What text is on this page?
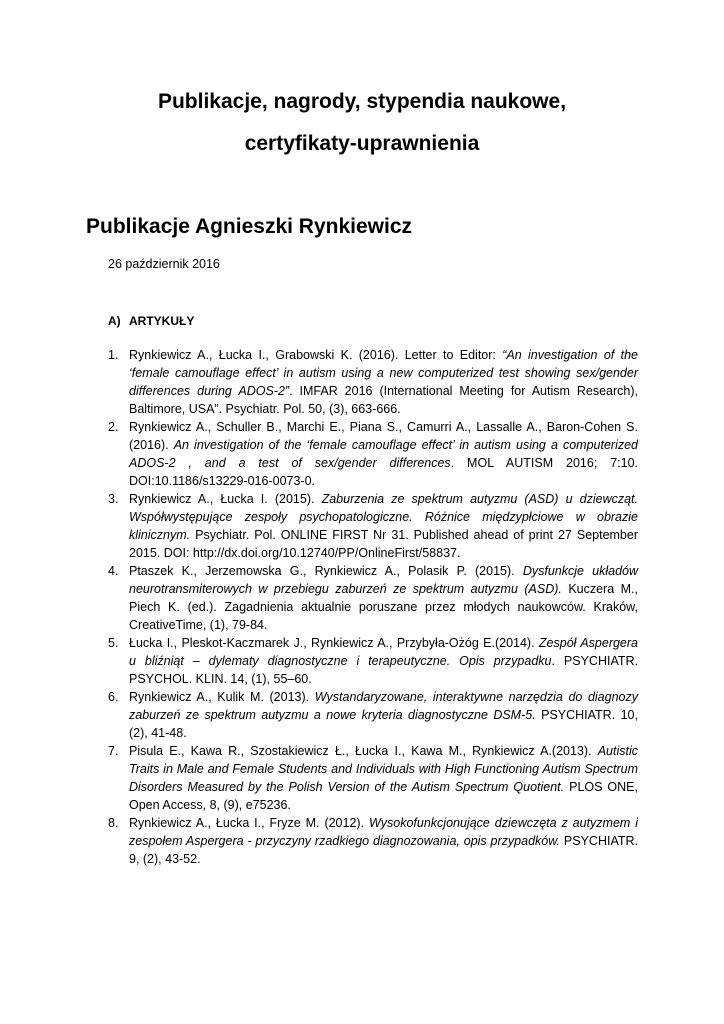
Publikacje, nagrody, stypendia naukowe,
certyfikaty-uprawnienia
Publikacje Agnieszki Rynkiewicz

26 październik 2016

A) ARTYKUŁY

1. Rynkiewicz A., Łucka I., Grabowski K. (2016). Letter to Editor: “An investigation of the ‘female camouflage effect’ in autism using a new computerized test showing sex/gender differences during ADOS-2”. IMFAR 2016 (International Meeting for Autism Research), Baltimore, USA”. Psychiatr. Pol. 50, (3), 663-666.
2. Rynkiewicz A., Schuller B., Marchi E., Piana S., Camurri A., Lassalle A., Baron-Cohen S. (2016). An investigation of the ‘female camouflage effect’ in autism using a computerized ADOS-2 , and a test of sex/gender differences. MOL AUTISM 2016; 7:10. DOI:10.1186/s13229-016-0073-0.
3. Rynkiewicz A., Łucka I. (2015). Zaburzenia ze spektrum autyzmu (ASD) u dziewcząt. Współwystępujące zespoły psychopatologiczne. Różnice międzypłciowe w obrazie klinicznym. Psychiatr. Pol. ONLINE FIRST Nr 31. Published ahead of print 27 September 2015. DOI: http://dx.doi.org/10.12740/PP/OnlineFirst/58837.
4. Ptaszek K., Jerzemowska G., Rynkiewicz A., Polasik P. (2015). Dysfunkcje układów neurotransmiterowych w przebiegu zaburzeń ze spektrum autyzmu (ASD). Kuczera M., Piech K. (ed.). Zagadnienia aktualnie poruszane przez młodych naukowców. Kraków, CreativeTime, (1), 79-84.
5. Łucka I., Pleskot-Kaczmarek J., Rynkiewicz A., Przybyła-Ożóg E.(2014). Zespół Aspergera u bliźniąt – dylematy diagnostyczne i terapeutyczne. Opis przypadku. PSYCHIATR. PSYCHOL. KLIN. 14, (1), 55–60.
6. Rynkiewicz A., Kulik M. (2013). Wystandaryzowane, interaktywne narzędzia do diagnozy zaburzeń ze spektrum autyzmu a nowe kryteria diagnostyczne DSM-5. PSYCHIATR. 10, (2), 41-48.
7. Pisula E., Kawa R., Szostakiewicz Ł., Łucka I., Kawa M., Rynkiewicz A.(2013). Autistic Traits in Male and Female Students and Individuals with High Functioning Autism Spectrum Disorders Measured by the Polish Version of the Autism Spectrum Quotient. PLOS ONE, Open Access, 8, (9), e75236.
8. Rynkiewicz A., Łucka I., Fryze M. (2012). Wysokofunkcjonujące dziewczęta z autyzmem i zespołem Aspergera - przyczyny rzadkiego diagnozowania, opis przypadków. PSYCHIATR. 9, (2), 43-52.
